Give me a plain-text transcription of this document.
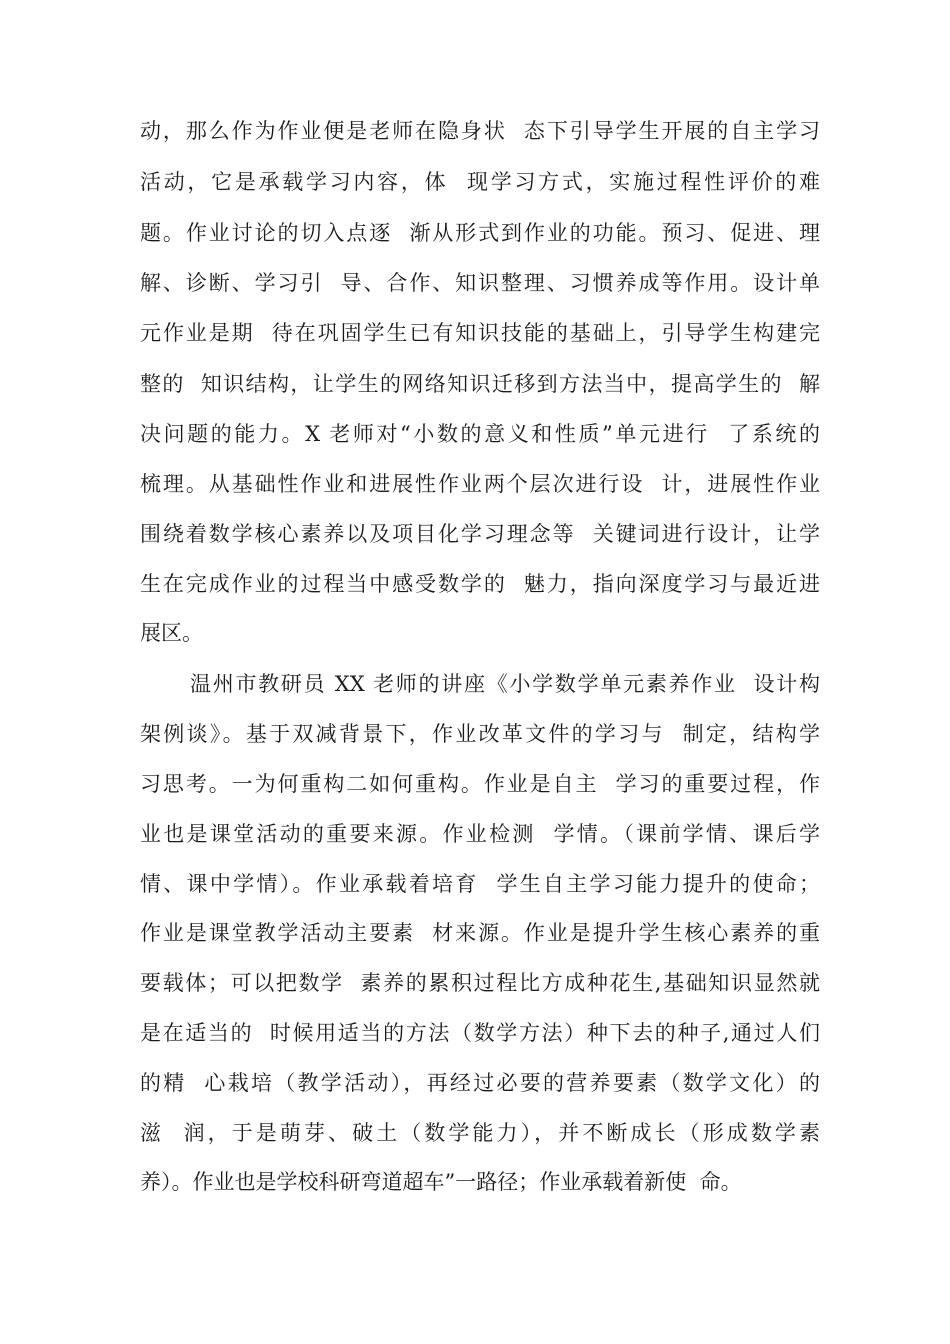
动，那么作为作业便是老师在隐身状  态下引导学生开展的自主学习
活动，它是承载学习内容，体  现学习方式，实施过程性评价的难
题。作业讨论的切入点逐  渐从形式到作业的功能。预习、促进、理
解、诊断、学习引  导、合作、知识整理、习惯养成等作用。设计单
元作业是期  待在巩固学生已有知识技能的基础上，引导学生构建完
整的  知识结构，让学生的网络知识迁移到方法当中，提高学生的  解
决问题的能力。X 老师对“小数的意义和性质”单元进行  了系统的
梳理。从基础性作业和进展性作业两个层次进行设  计，进展性作业
围绕着数学核心素养以及项目化学习理念等  关键词进行设计，让学
生在完成作业的过程当中感受数学的  魅力，指向深度学习与最近进
展区。
温州市教研员 XX 老师的讲座《小学数学单元素养作业  设计构
架例谈》。基于双减背景下，作业改革文件的学习与  制定，结构学
习思考。一为何重构二如何重构。作业是自主  学习的重要过程，作
业也是课堂活动的重要来源。作业检测  学情。（课前学情、课后学
情、课中学情）。作业承载着培育  学生自主学习能力提升的使命；
作业是课堂教学活动主要素  材来源。作业是提升学生核心素养的重
要载体；可以把数学  素养的累积过程比方成种花生,基础知识显然就
是在适当的  时候用适当的方法（数学方法）种下去的种子,通过人们
的精  心栽培（教学活动），再经过必要的营养要素（数学文化）的
滋  润，于是萌芽、破土（数学能力），并不断成长（形成数学素
养）。作业也是学校科研弯道超车”一路径；作业承载着新使  命。
